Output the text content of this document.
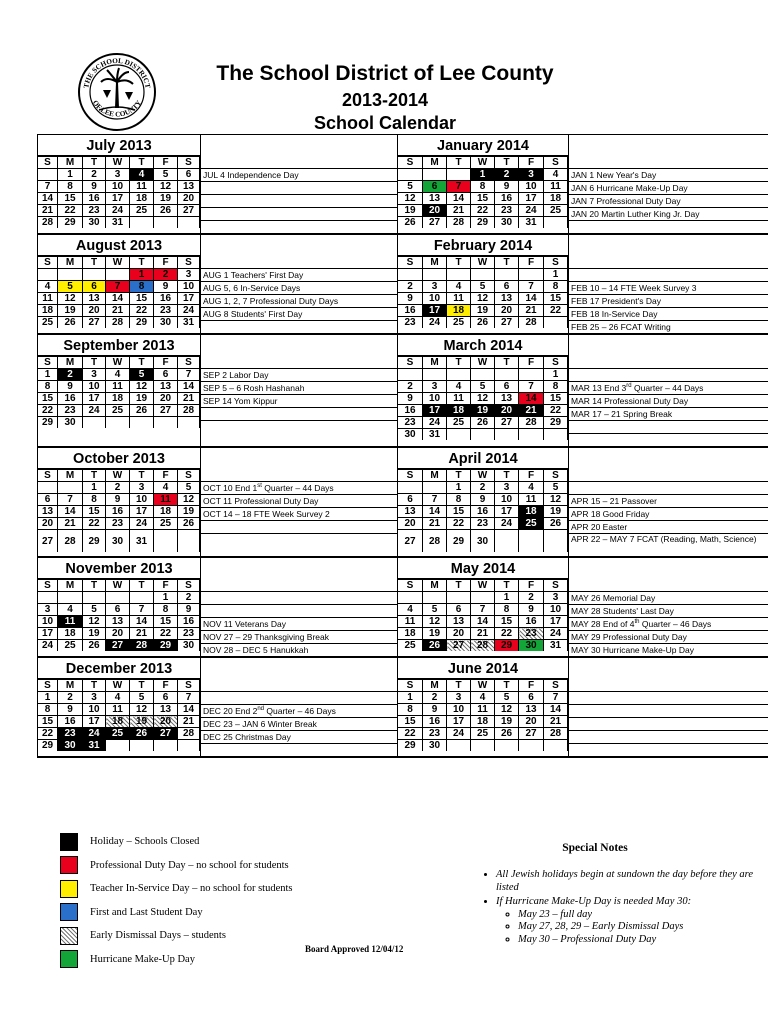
THE SCHOOL DISTRICT
OF LEE COUNTY
The School District of Lee County
2013-2014
School Calendar
July 2013
S	M	T	W	T	F	S
	1	2	3	4	5	6
7	8	9	10	11	12	13
14	15	16	17	18	19	20
21	22	23	24	25	26	27
28	29	30	31			
JUL 4 Independence Day
January 2014
S	M	T	W	T	F	S
			1	2	3	4
5	6	7	8	9	10	11
12	13	14	15	16	17	18
19	20	21	22	23	24	25
26	27	28	29	30	31	
JAN 1 New Year's Day
JAN 6 Hurricane Make-Up Day
JAN 7 Professional Duty Day
JAN 20 Martin Luther King Jr. Day
August 2013
S	M	T	W	T	F	S
				1	2	3
4	5	6	7	8	9	10
11	12	13	14	15	16	17
18	19	20	21	22	23	24
25	26	27	28	29	30	31
AUG 1 Teachers' First Day
AUG 5, 6 In-Service Days
AUG 1, 2, 7 Professional Duty Days
AUG 8 Students' First Day
February 2014
S	M	T	W	T	F	S
						1
2	3	4	5	6	7	8
9	10	11	12	13	14	15
16	17	18	19	20	21	22
23	24	25	26	27	28	
FEB 10 – 14 FTE Week Survey 3
FEB 17 President's Day
FEB 18 In-Service Day
FEB 25 – 26 FCAT Writing
September 2013
S	M	T	W	T	F	S
1	2	3	4	5	6	7
8	9	10	11	12	13	14
15	16	17	18	19	20	21
22	23	24	25	26	27	28
29	30					
SEP 2 Labor Day
SEP 5 – 6 Rosh Hashanah
SEP 14 Yom Kippur
March 2014
S	M	T	W	T	F	S
						1
2	3	4	5	6	7	8
9	10	11	12	13	14	15
16	17	18	19	20	21	22
23	24	25	26	27	28	29
30	31					
MAR 13 End 3rd Quarter – 44 Days
MAR 14 Professional Duty Day
MAR 17 – 21 Spring Break
October 2013
S	M	T	W	T	F	S
		1	2	3	4	5
6	7	8	9	10	11	12
13	14	15	16	17	18	19
20	21	22	23	24	25	26
27	28	29	30	31		
OCT 10 End 1st Quarter – 44 Days
OCT 11 Professional Duty Day
OCT 14 – 18 FTE Week Survey 2
April 2014
S	M	T	W	T	F	S
		1	2	3	4	5
6	7	8	9	10	11	12
13	14	15	16	17	18	19
20	21	22	23	24	25	26
27	28	29	30			
APR 15 – 21 Passover
APR 18 Good Friday
APR 20 Easter
APR 22 – MAY 7 FCAT (Reading, Math, Science)
November 2013
S	M	T	W	T	F	S
					1	2
3	4	5	6	7	8	9
10	11	12	13	14	15	16
17	18	19	20	21	22	23
24	25	26	27	28	29	30
NOV 11 Veterans Day
NOV 27 – 29 Thanksgiving Break
NOV 28 – DEC 5 Hanukkah
May 2014
S	M	T	W	T	F	S
				1	2	3
4	5	6	7	8	9	10
11	12	13	14	15	16	17
18	19	20	21	22	23	24
25	26	27	28	29	30	31
MAY 26 Memorial Day
MAY 28 Students' Last Day
MAY 28 End of 4th Quarter – 46 Days
MAY 29 Professional Duty Day
MAY 30 Hurricane Make-Up Day
December 2013
S	M	T	W	T	F	S
1	2	3	4	5	6	7
8	9	10	11	12	13	14
15	16	17	18	19	20	21
22	23	24	25	26	27	28
29	30	31				
DEC 20 End 2nd Quarter – 46 Days
DEC 23 – JAN 6 Winter Break
DEC 25 Christmas Day
June 2014
S	M	T	W	T	F	S
1	2	3	4	5	6	7
8	9	10	11	12	13	14
15	16	17	18	19	20	21
22	23	24	25	26	27	28
29	30					
Holiday – Schools Closed
Professional Duty Day – no school for students
Teacher In-Service Day – no school for students
First and Last Student Day
Early Dismissal Days – students
Hurricane Make-Up Day
Board Approved 12/04/12
Special Notes
• All Jewish holidays begin at sundown the day before they are listed
• If Hurricane Make-Up Day is needed May 30:
◦ May 23 – full day
◦ May 27, 28, 29 – Early Dismissal Days
◦ May 30 – Professional Duty Day
